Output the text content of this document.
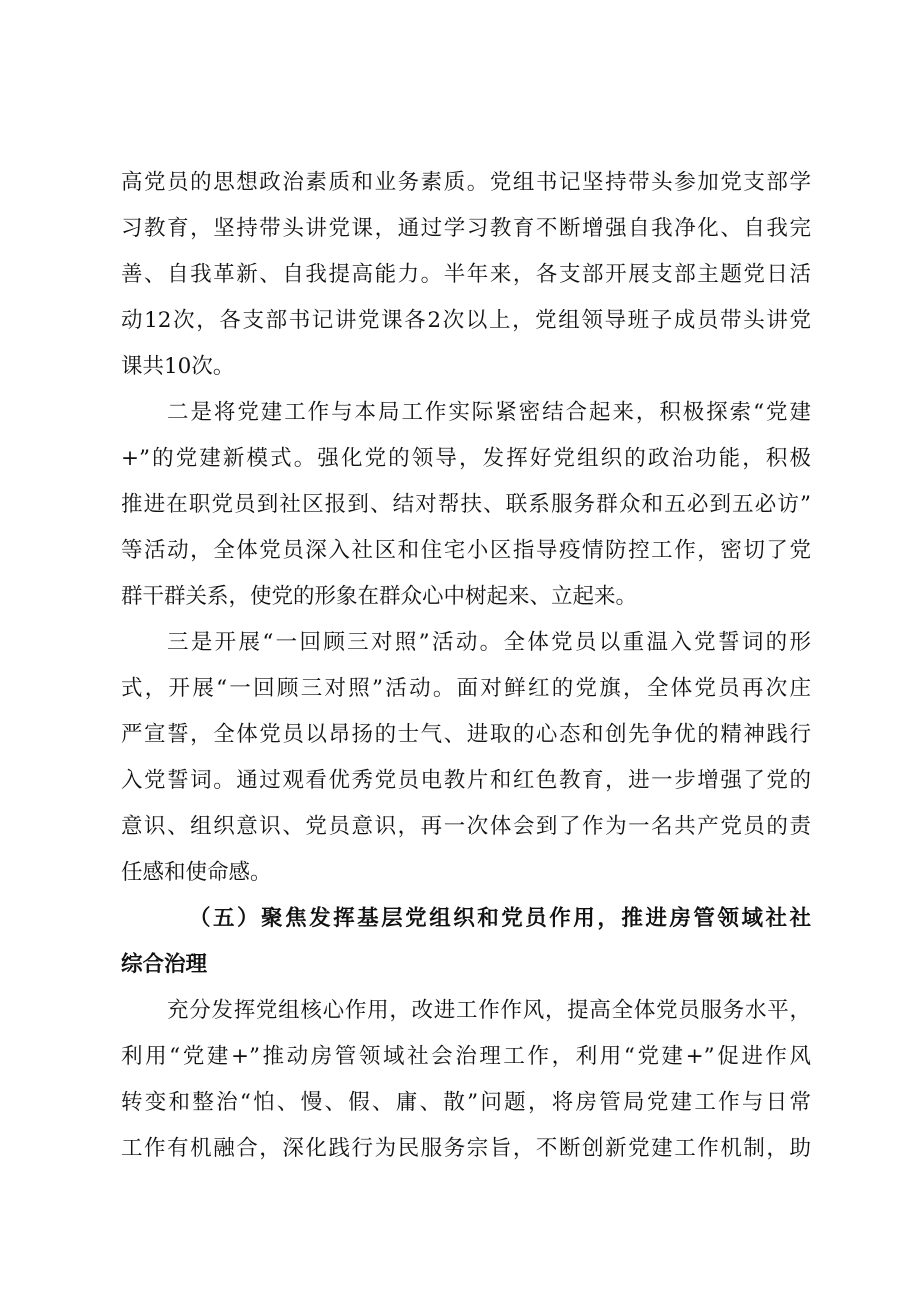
高党员的思想政治素质和业务素质。党组书记坚持带头参加党支部学
习教育，坚持带头讲党课，通过学习教育不断增强自我净化、自我完
善、自我革新、自我提高能力。半年来，各支部开展支部主题党日活
动12次，各支部书记讲党课各2次以上，党组领导班子成员带头讲党
课共10次。
二是将党建工作与本局工作实际紧密结合起来，积极探索“党建
+”的党建新模式。强化党的领导，发挥好党组织的政治功能，积极
推进在职党员到社区报到、结对帮扶、联系服务群众和五必到五必访”
等活动，全体党员深入社区和住宅小区指导疫情防控工作，密切了党
群干群关系，使党的形象在群众心中树起来、立起来。
三是开展“一回顾三对照”活动。全体党员以重温入党誓词的形
式，开展“一回顾三对照”活动。面对鲜红的党旗，全体党员再次庄
严宣誓，全体党员以昂扬的士气、进取的心态和创先争优的精神践行
入党誓词。通过观看优秀党员电教片和红色教育，进一步增强了党的
意识、组织意识、党员意识，再一次体会到了作为一名共产党员的责
任感和使命感。
（五）聚焦发挥基层党组织和党员作用，推进房管领域社社
综合治理
充分发挥党组核心作用，改进工作作风，提高全体党员服务水平，
利用“党建+”推动房管领域社会治理工作，利用“党建+”促进作风
转变和整治“怕、慢、假、庸、散”问题，将房管局党建工作与日常
工作有机融合，深化践行为民服务宗旨，不断创新党建工作机制，助
